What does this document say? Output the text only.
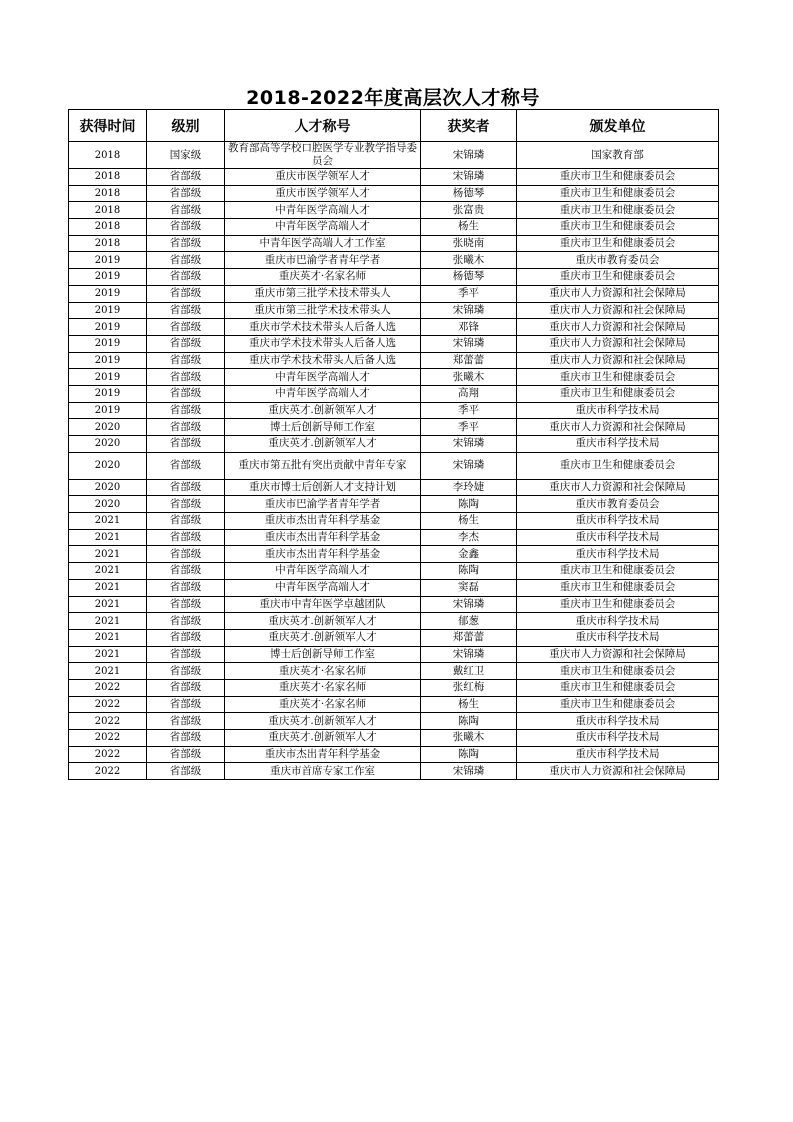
2018-2022年度高层次人才称号
获得时间	级别	人才称号	获奖者	颁发单位
2018	国家级	教育部高等学校口腔医学专业教学指导委员会	宋锦璘	国家教育部
2018	省部级	重庆市医学领军人才	宋锦璘	重庆市卫生和健康委员会
2018	省部级	重庆市医学领军人才	杨德琴	重庆市卫生和健康委员会
2018	省部级	中青年医学高端人才	张富贵	重庆市卫生和健康委员会
2018	省部级	中青年医学高端人才	杨生	重庆市卫生和健康委员会
2018	省部级	中青年医学高端人才工作室	张晓南	重庆市卫生和健康委员会
2019	省部级	重庆市巴渝学者青年学者	张曦木	重庆市教育委员会
2019	省部级	重庆英才·名家名师	杨德琴	重庆市卫生和健康委员会
2019	省部级	重庆市第三批学术技术带头人	季平	重庆市人力资源和社会保障局
2019	省部级	重庆市第三批学术技术带头人	宋锦璘	重庆市人力资源和社会保障局
2019	省部级	重庆市学术技术带头人后备人选	邓锋	重庆市人力资源和社会保障局
2019	省部级	重庆市学术技术带头人后备人选	宋锦璘	重庆市人力资源和社会保障局
2019	省部级	重庆市学术技术带头人后备人选	郑蕾蕾	重庆市人力资源和社会保障局
2019	省部级	中青年医学高端人才	张曦木	重庆市卫生和健康委员会
2019	省部级	中青年医学高端人才	高翔	重庆市卫生和健康委员会
2019	省部级	重庆英才.创新领军人才	季平	重庆市科学技术局
2020	省部级	博士后创新导师工作室	季平	重庆市人力资源和社会保障局
2020	省部级	重庆英才.创新领军人才	宋锦璘	重庆市科学技术局
2020	省部级	重庆市第五批有突出贡献中青年专家	宋锦璘	重庆市卫生和健康委员会
2020	省部级	重庆市博士后创新人才支持计划	李玲婕	重庆市人力资源和社会保障局
2020	省部级	重庆市巴渝学者青年学者	陈陶	重庆市教育委员会
2021	省部级	重庆市杰出青年科学基金	杨生	重庆市科学技术局
2021	省部级	重庆市杰出青年科学基金	李杰	重庆市科学技术局
2021	省部级	重庆市杰出青年科学基金	金鑫	重庆市科学技术局
2021	省部级	中青年医学高端人才	陈陶	重庆市卫生和健康委员会
2021	省部级	中青年医学高端人才	窦磊	重庆市卫生和健康委员会
2021	省部级	重庆市中青年医学卓越团队	宋锦璘	重庆市卫生和健康委员会
2021	省部级	重庆英才.创新领军人才	郁葱	重庆市科学技术局
2021	省部级	重庆英才.创新领军人才	郑蕾蕾	重庆市科学技术局
2021	省部级	博士后创新导师工作室	宋锦璘	重庆市人力资源和社会保障局
2021	省部级	重庆英才·名家名师	戴红卫	重庆市卫生和健康委员会
2022	省部级	重庆英才·名家名师	张红梅	重庆市卫生和健康委员会
2022	省部级	重庆英才·名家名师	杨生	重庆市卫生和健康委员会
2022	省部级	重庆英才.创新领军人才	陈陶	重庆市科学技术局
2022	省部级	重庆英才.创新领军人才	张曦木	重庆市科学技术局
2022	省部级	重庆市杰出青年科学基金	陈陶	重庆市科学技术局
2022	省部级	重庆市首席专家工作室	宋锦璘	重庆市人力资源和社会保障局
